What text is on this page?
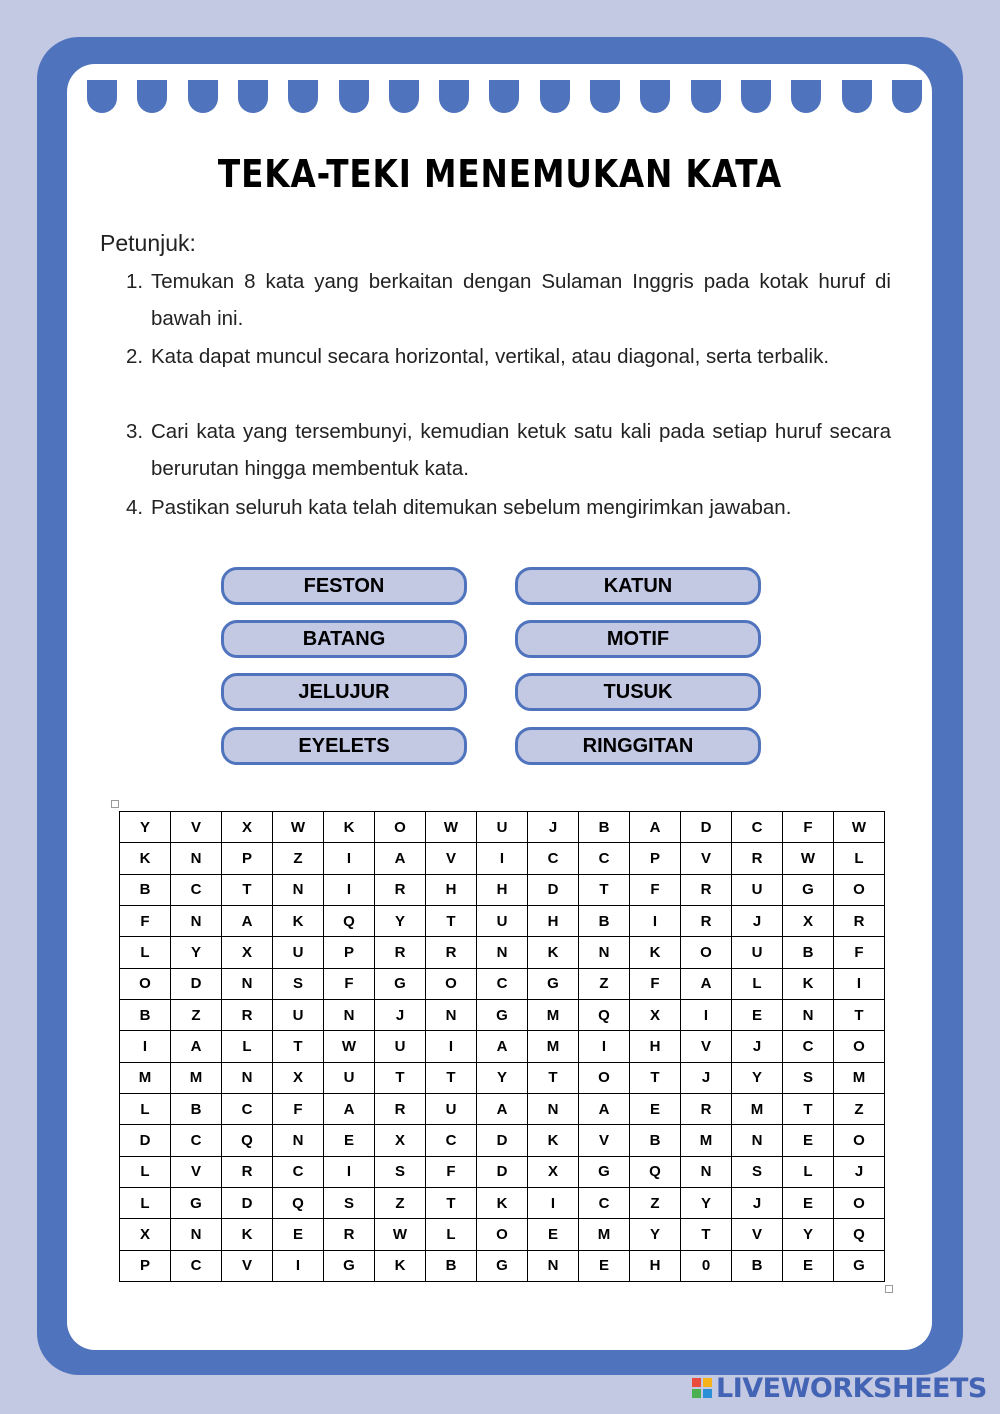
TEKA-TEKI MENEMUKAN KATA
Petunjuk:
1. Temukan 8 kata yang berkaitan dengan Sulaman Inggris pada kotak huruf di bawah ini.
2. Kata dapat muncul secara horizontal, vertikal, atau diagonal, serta terbalik.
3. Cari kata yang tersembunyi, kemudian ketuk satu kali pada setiap huruf secara berurutan hingga membentuk kata.
4. Pastikan seluruh kata telah ditemukan sebelum mengirimkan jawaban.
FESTON	KATUN
BATANG	MOTIF
JELUJUR	TUSUK
EYELETS	RINGGITAN
Y	V	X	W	K	O	W	U	J	B	A	D	C	F	W
K	N	P	Z	I	A	V	I	C	C	P	V	R	W	L
B	C	T	N	I	R	H	H	D	T	F	R	U	G	O
F	N	A	K	Q	Y	T	U	H	B	I	R	J	X	R
L	Y	X	U	P	R	R	N	K	N	K	O	U	B	F
O	D	N	S	F	G	O	C	G	Z	F	A	L	K	I
B	Z	R	U	N	J	N	G	M	Q	X	I	E	N	T
I	A	L	T	W	U	I	A	M	I	H	V	J	C	O
M	M	N	X	U	T	T	Y	T	O	T	J	Y	S	M
L	B	C	F	A	R	U	A	N	A	E	R	M	T	Z
D	C	Q	N	E	X	C	D	K	V	B	M	N	E	O
L	V	R	C	I	S	F	D	X	G	Q	N	S	L	J
L	G	D	Q	S	Z	T	K	I	C	Z	Y	J	E	O
X	N	K	E	R	W	L	O	E	M	Y	T	V	Y	Q
P	C	V	I	G	K	B	G	N	E	H	0	B	E	G
LIVEWORKSHEETS
